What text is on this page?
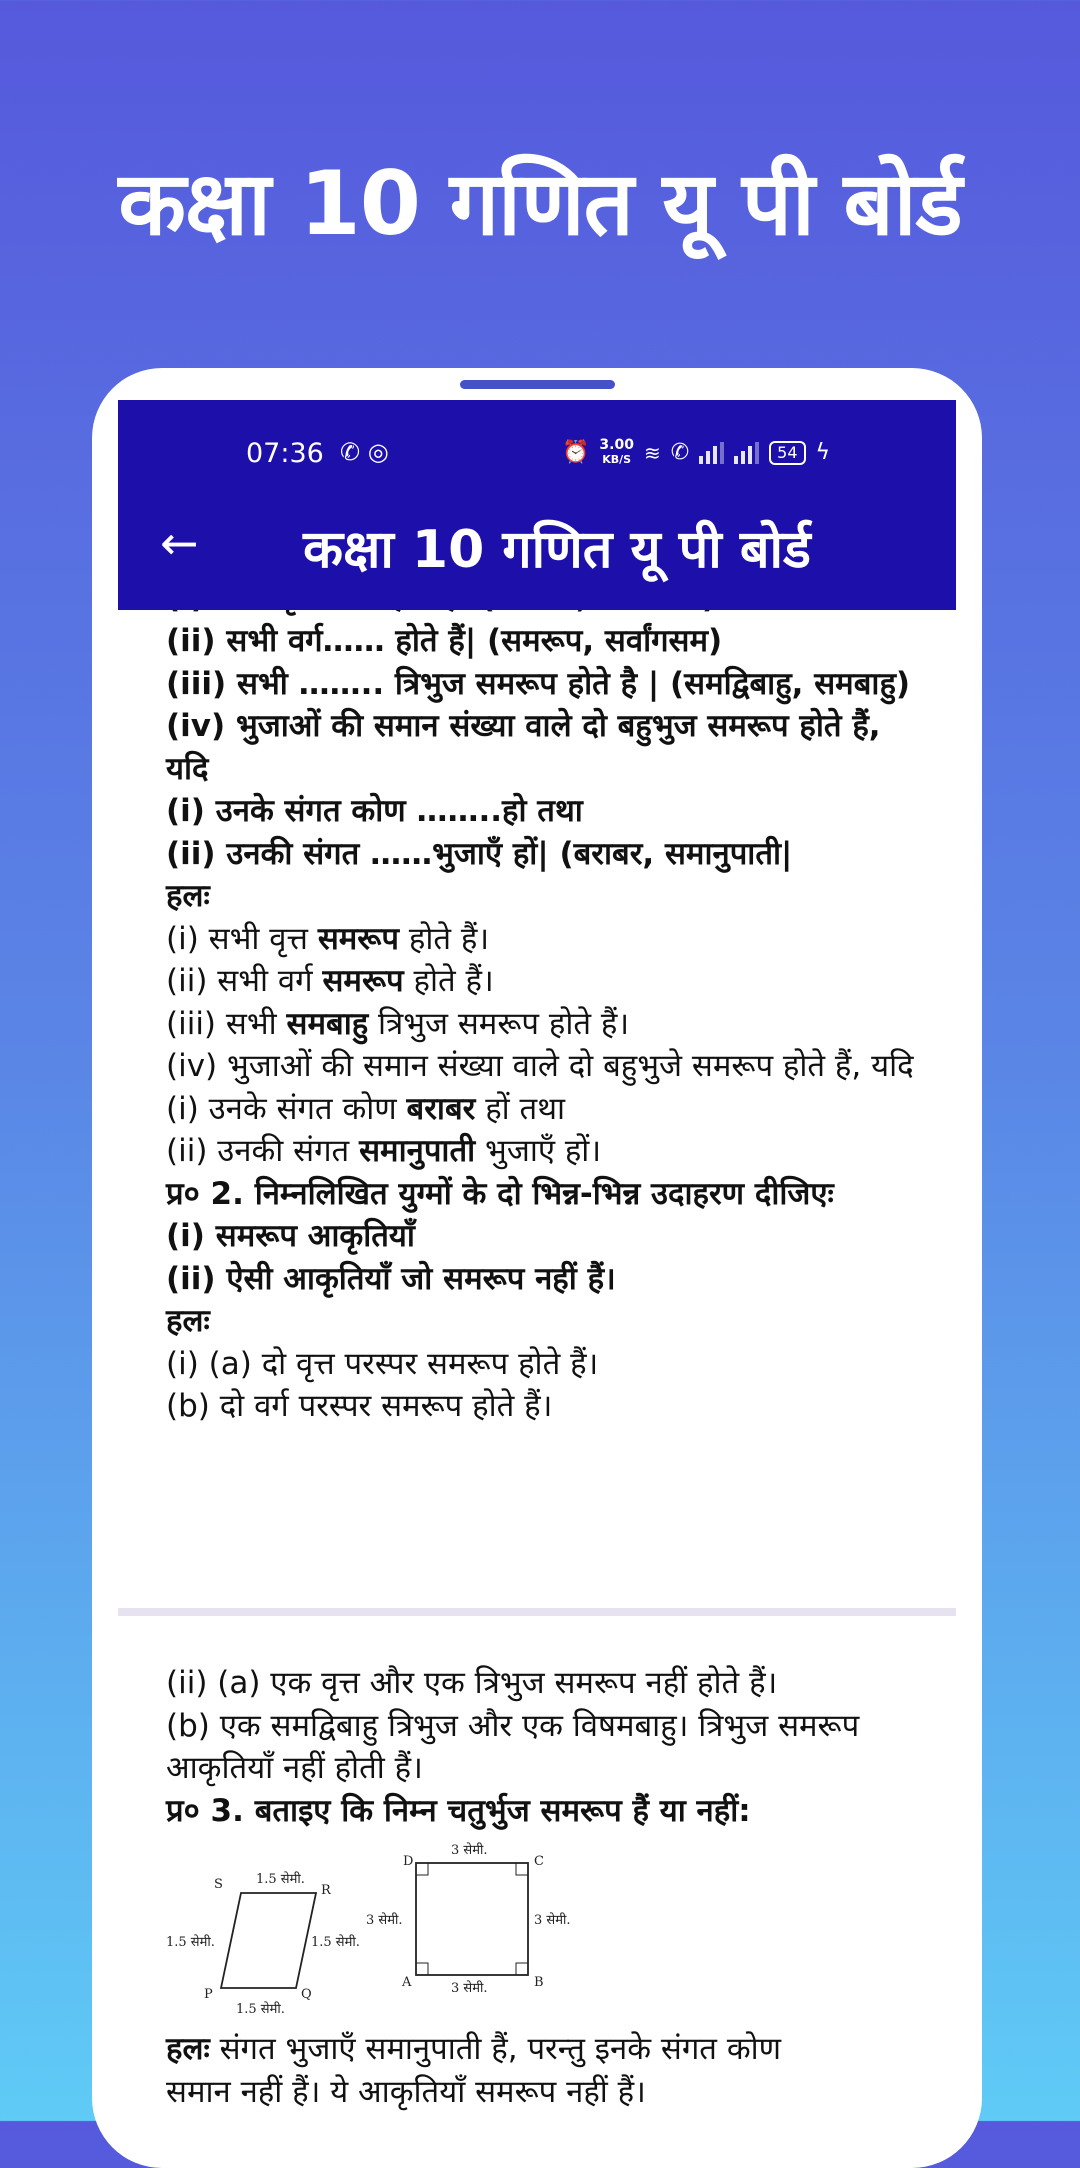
कक्षा 10 गणित यू पी बोर्ड
07:36 ✆ ◎	⏰ 3.00
KB/S ≋ ✆	54 ϟ
←	कक्षा 10 गणित यू पी बोर्ड

(ii) सभी वर्ग…… होते हैं| (समरूप, सर्वांगसम)

(iii) सभी …….. त्रिभुज समरूप होते है | (समद्विबाहु, समबाहु)

(iv) भुजाओं की समान संख्या वाले दो बहुभुज समरूप होते हैं, यदि

(i) उनके संगत कोण ……..हो तथा

(ii) उनकी संगत ……भुजाएँ हों| (बराबर, समानुपाती|

हलः

(i) सभी वृत्त समरूप होते हैं।

(ii) सभी वर्ग समरूप होते हैं।

(iii) सभी समबाहु त्रिभुज समरूप होते हैं।

(iv) भुजाओं की समान संख्या वाले दो बहुभुजे समरूप होते हैं, यदि

(i) उनके संगत कोण बराबर हों तथा

(ii) उनकी संगत समानुपाती भुजाएँ हों।

प्र० 2. निम्नलिखित युग्मों के दो भिन्न-भिन्न उदाहरण दीजिएः

(i) समरूप आकृतियाँ

(ii) ऐसी आकृतियाँ जो समरूप नहीं हैं।

हलः

(i) (a) दो वृत्त परस्पर समरूप होते हैं।

(b) दो वर्ग परस्पर समरूप होते हैं।

(ii) (a) एक वृत्त और एक त्रिभुज समरूप नहीं होते हैं।

(b) एक समद्विबाहु त्रिभुज और एक विषमबाहु। त्रिभुज समरूप आकृतियाँ नहीं होती हैं।

प्र० 3. बताइए कि निम्न चतुर्भुज समरूप हैं या नहीं:

S	R
P	Q
1.5 सेमी.
1.5 सेमी.	1.5 सेमी.
1.5 सेमी.
D	C
A	B
3 सेमी.
3 सेमी.	3 सेमी.
3 सेमी.

हलः संगत भुजाएँ समानुपाती हैं, परन्तु इनके संगत कोण

समान नहीं हैं। ये आकृतियाँ समरूप नहीं हैं।
